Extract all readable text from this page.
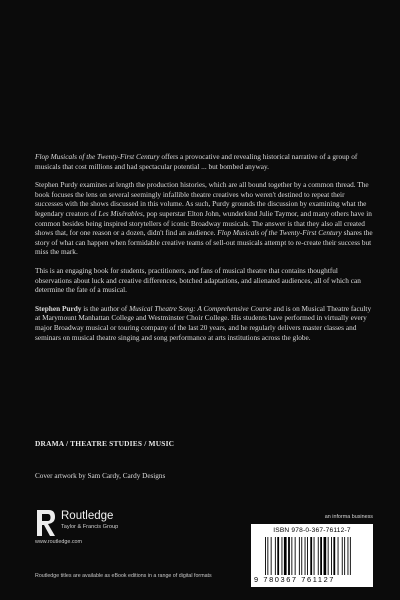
Flop Musicals of the Twenty-First Century offers a provocative and revealing historical narrative of a group of musicals that cost millions and had spectacular potential ... but bombed anyway.

Stephen Purdy examines at length the production histories, which are all bound together by a common thread. The book focuses the lens on several seemingly infallible theatre creatives who weren't destined to repeat their successes with the shows discussed in this volume. As such, Purdy grounds the discussion by examining what the legendary creators of Les Misérables, pop superstar Elton John, wunderkind Julie Taymor, and many others have in common besides being inspired storytellers of iconic Broadway musicals. The answer is that they also all created shows that, for one reason or a dozen, didn't find an audience. Flop Musicals of the Twenty-First Century shares the story of what can happen when formidable creative teams of sell-out musicals attempt to re-create their success but miss the mark.

This is an engaging book for students, practitioners, and fans of musical theatre that contains thoughtful observations about luck and creative differences, botched adaptations, and alienated audiences, all of which can determine the fate of a musical.

Stephen Purdy is the author of Musical Theatre Song: A Comprehensive Course and is on Musical Theatre faculty at Marymount Manhattan College and Westminster Choir College. His students have performed in virtually every major Broadway musical or touring company of the last 20 years, and he regularly delivers master classes and seminars on musical theatre singing and song performance at arts institutions across the globe.

DRAMA / THEATRE STUDIES / MUSIC
Cover artwork by Sam Cardy, Cardy Designs
Routledge
Taylor & Francis Group
www.routledge.com
an informa business
ISBN 978-0-367-76112-7
9 780367 761127
Routledge titles are available as eBook editions in a range of digital formats
